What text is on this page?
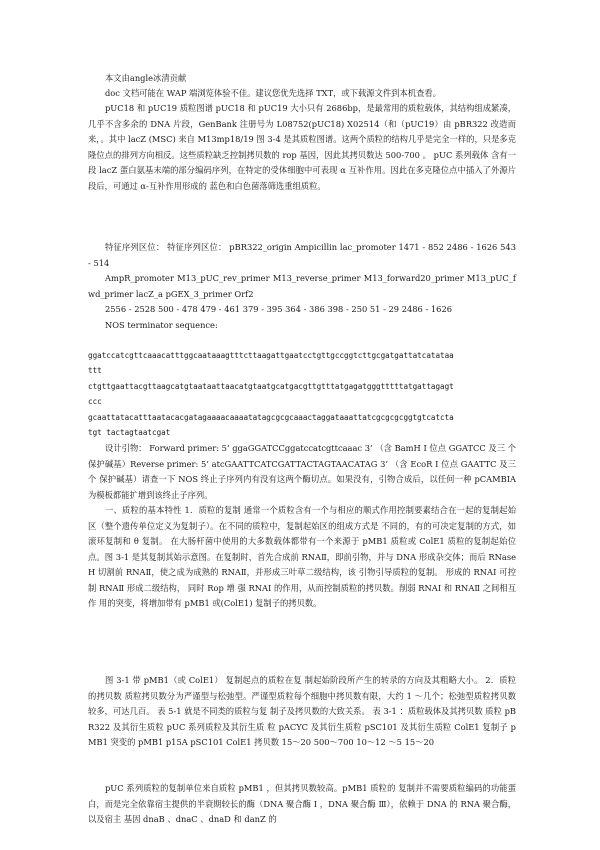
本文由angle冰清贡献
doc 文档可能在 WAP 端浏览体验不佳。建议您优先选择 TXT，或下载源文件到本机查看。
pUC18 和 pUC19 质粒图谱 pUC18 和 pUC19 大小只有 2686bp，是最常用的质粒载体，其结构组成紧凑，几乎不含多余的 DNA 片段，GenBank 注册号为 L08752(pUC18) X02514（和（pUC19）由 pBR322 改造而来，。其中 lacZ (MSC) 来自 M13mp18/19 图 3-4 是其质粒图谱。这两个质粒的结构几乎是完全一样的，只是多克隆位点的排列方向相反。这些质粒缺乏控制拷贝数的 rop 基因，因此其拷贝数达 500-700 。 pUC 系列载体 含有一段 lacZ 蛋白氨基末端的部分编码序列，在特定的受体细胞中可表现 α 互补作用。因此在多克隆位点中插入了外源片段后，可通过 α-互补作用形成的 蓝色和白色菌落筛选重组质粒。
特征序列区位： 特征序列区位： pBR322_origin Ampicillin lac_promoter 1471 - 852 2486 - 1626 543 - 514
AmpR_promoter M13_pUC_rev_primer M13_reverse_primer M13_forward20_primer M13_pUC_fwd_primer lacZ_a pGEX_3_primer Orf2
2556 - 2528 500 - 478 479 - 461 379 - 395 364 - 386 398 - 250 51 - 29 2486 - 1626
NOS terminator sequence:
ggatccatcgttcaaacatttggcaataaagtttcttaagattgaatcctgttgccggtcttgcgatgattatcatataa
ttt
ctgttgaattacgttaagcatgtaataattaacatgtaatgcatgacgttgtttatgagatgggtttttatgattagagt
ccc
gcaattatacatttaatacacgatagaaaacaaaatatagcgcgcaaactaggataaattatcgcgcgcggtgtcatcta
tgt tactagtaatcgat
设计引物： Forward primer: 5’ ggaGGATCCggatccatcgttcaaac 3’ （含 BamH I 位点 GGATCC 及三 个保护碱基）Reverse primer: 5’ atcGAATTCATCGATTACTAGTAACATAG 3’ （含 EcoR I 位点 GAATTC 及三个 保护碱基）请查一下 NOS 终止子序列内有没有这两个酶切点。如果没有，引物合成后，以任何一种 pCAMBIA 为模板都能扩增到该终止子序列。
一、质粒的基本特性 1．质粒的复制 通常一个质粒含有一个与相应的顺式作用控制要素结合在一起的复制起始 区（整个遗传单位定义为复制子）。在不同的质粒中，复制起始区的组成方式是 不同的，有的可决定复制的方式，如滚环复制和 θ 复制。 在大肠杆菌中使用的大多数载体都带有一个来源于 pMB1 质粒或 ColE1 质粒的复制起始位点。图 3-1 是其复制其始示意图。在复制时，首先合成前 RNAⅡ，即前引物，并与 DNA 形成杂交体；而后 RNase H 切割前 RNAⅡ，使之成为成熟的 RNAⅡ，并形成三叶草二级结构，该 引物引导质粒的复制。 形成的 RNAⅠ 可控制 RNAⅡ 形成二级结构， 同时 Rop 增 强 RNAⅠ 的作用，从而控制质粒的拷贝数。削弱 RNAⅠ 和 RNAⅡ 之间相互作 用的突变，将增加带有 pMB1 或(ColE1) 复制子的拷贝数。
图 3-1 带 pMB1（或 ColE1） 复制起点的质粒在复 制起始阶段所产生的转录的方向及其粗略大小。 2．质粒的拷贝数 质粒拷贝数分为严谨型与松弛型。严谨型质粒每个细胞中拷贝数有限，大约 1 ～几个；松弛型质粒拷贝数较多，可达几百。 表 5-1 就是不同类的质粒与复 制子及拷贝数的大致关系。 表 3-1 ：质粒载体及其拷贝数 质粒 pBR322 及其衍生质粒 pUC 系列质粒及其衍生质 粒 pACYC 及其衍生质粒 pSC101 及其衍生质粒 ColE1 复制子 pMB1 突变的 pMB1 p15A pSC101 ColE1 拷贝数 15～20 500～700 10～12 ～5 15～20
pUC 系列质粒的复制单位来自质粒 pMB1 ，但其拷贝数较高。pMB1 质粒的 复制并不需要质粒编码的功能蛋白，而是完全依靠宿主提供的半衰期较长的酶（DNA 聚合酶 Ⅰ ，DNA 聚合酶 Ⅲ），依赖于 DNA 的 RNA 聚合酶，以及宿主 基因 dnaB 、dnaC 、dnaD 和 danZ 的
